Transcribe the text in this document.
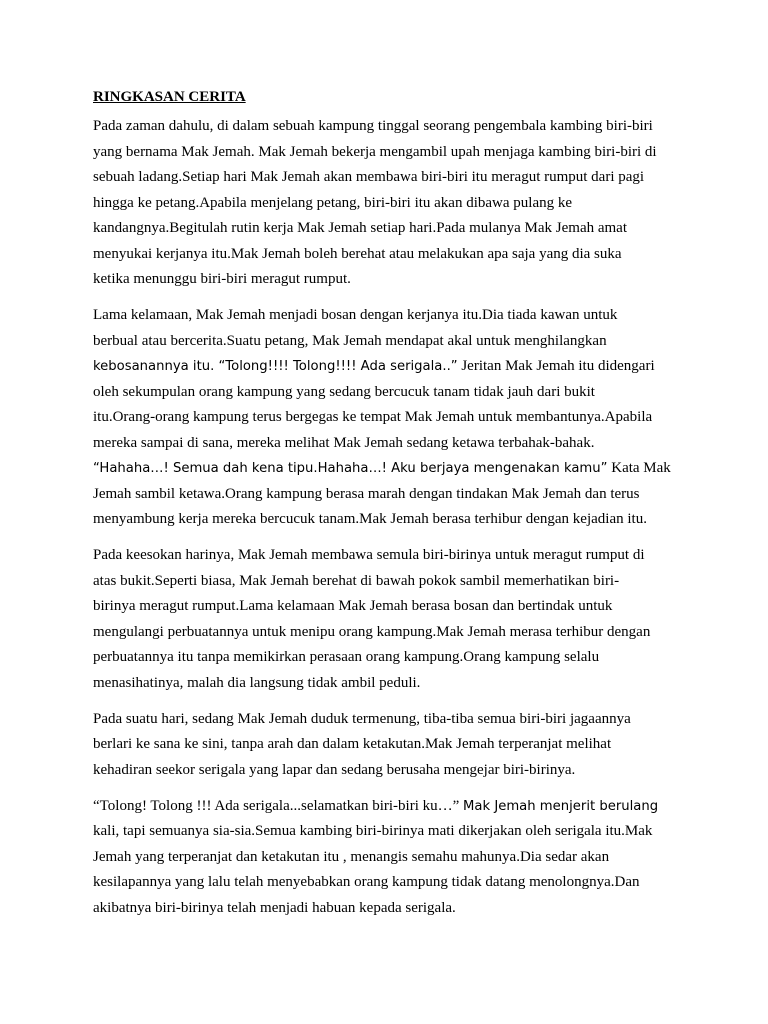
RINGKASAN CERITA

Pada zaman dahulu, di dalam sebuah kampung tinggal seorang pengembala kambing biri-biri
yang bernama Mak Jemah. Mak Jemah bekerja mengambil upah menjaga kambing biri-biri di
sebuah ladang.Setiap hari Mak Jemah akan membawa biri-biri itu meragut rumput dari pagi
hingga ke petang.Apabila menjelang petang, biri-biri itu akan dibawa pulang ke
kandangnya.Begitulah rutin kerja Mak Jemah setiap hari.Pada mulanya Mak Jemah amat
menyukai kerjanya itu.Mak Jemah boleh berehat atau melakukan apa saja yang dia suka
ketika menunggu biri-biri meragut rumput.

Lama kelamaan, Mak Jemah menjadi bosan dengan kerjanya itu.Dia tiada kawan untuk
berbual atau bercerita.Suatu petang, Mak Jemah mendapat akal untuk menghilangkan
kebosanannya itu. “Tolong!!!! Tolong!!!! Ada serigala..” Jeritan Mak Jemah itu didengari
oleh sekumpulan orang kampung yang sedang bercucuk tanam tidak jauh dari bukit
itu.Orang-orang kampung terus bergegas ke tempat Mak Jemah untuk membantunya.Apabila
mereka sampai di sana, mereka melihat Mak Jemah sedang ketawa terbahak-bahak.
“Hahaha…! Semua dah kena tipu.Hahaha…! Aku berjaya mengenakan kamu” Kata Mak
Jemah sambil ketawa.Orang kampung berasa marah dengan tindakan Mak Jemah dan terus
menyambung kerja mereka bercucuk tanam.Mak Jemah berasa terhibur dengan kejadian itu.

Pada keesokan harinya, Mak Jemah membawa semula biri-birinya untuk meragut rumput di
atas bukit.Seperti biasa, Mak Jemah berehat di bawah pokok sambil memerhatikan biri-
birinya meragut rumput.Lama kelamaan Mak Jemah berasa bosan dan bertindak untuk
mengulangi perbuatannya untuk menipu orang kampung.Mak Jemah merasa terhibur dengan
perbuatannya itu tanpa memikirkan perasaan orang kampung.Orang kampung selalu
menasihatinya, malah dia langsung tidak ambil peduli.

Pada suatu hari, sedang Mak Jemah duduk termenung, tiba-tiba semua biri-biri jagaannya
berlari ke sana ke sini, tanpa arah dan dalam ketakutan.Mak Jemah terperanjat melihat
kehadiran seekor serigala yang lapar dan sedang berusaha mengejar biri-birinya.

“Tolong! Tolong !!! Ada serigala...selamatkan biri-biri ku…” Mak Jemah menjerit berulang
kali, tapi semuanya sia-sia.Semua kambing biri-birinya mati dikerjakan oleh serigala itu.Mak
Jemah yang terperanjat dan ketakutan itu , menangis semahu mahunya.Dia sedar akan
kesilapannya yang lalu telah menyebabkan orang kampung tidak datang menolongnya.Dan
akibatnya biri-birinya telah menjadi habuan kepada serigala.
